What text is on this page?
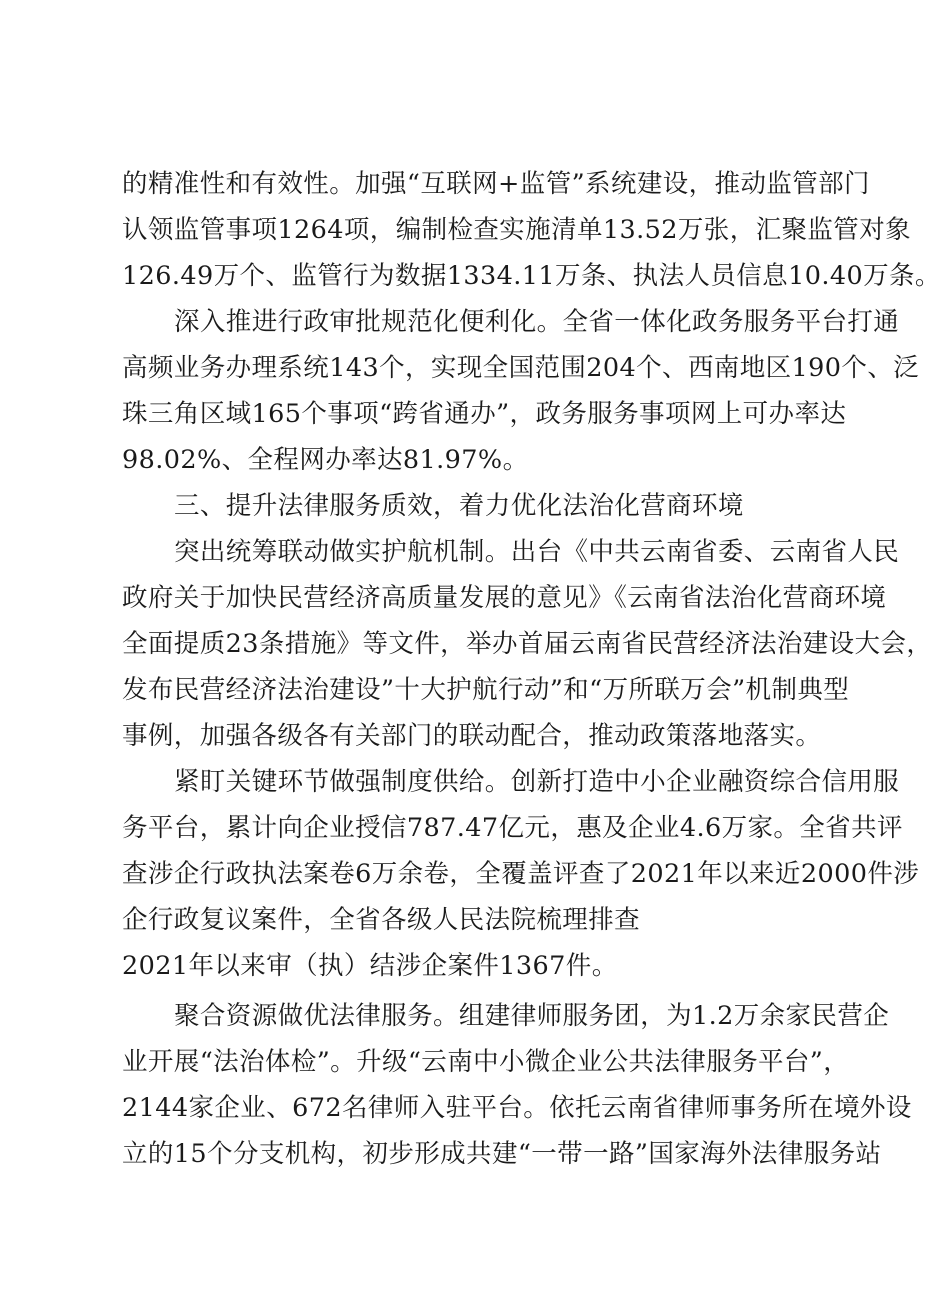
的精准性和有效性。加强“互联网+监管”系统建设，推动监管部门
认领监管事项1264项，编制检查实施清单13.52万张，汇聚监管对象
126.49万个、监管行为数据1334.11万条、执法人员信息10.40万条。
深入推进行政审批规范化便利化。全省一体化政务服务平台打通
高频业务办理系统143个，实现全国范围204个、西南地区190个、泛
珠三角区域165个事项“跨省通办”，政务服务事项网上可办率达
98.02%、全程网办率达81.97%。
三、提升法律服务质效，着力优化法治化营商环境
突出统筹联动做实护航机制。出台《中共云南省委、云南省人民
政府关于加快民营经济高质量发展的意见》《云南省法治化营商环境
全面提质23条措施》等文件，举办首届云南省民营经济法治建设大会，
发布民营经济法治建设”十大护航行动”和“万所联万会”机制典型
事例，加强各级各有关部门的联动配合，推动政策落地落实。
紧盯关键环节做强制度供给。创新打造中小企业融资综合信用服
务平台，累计向企业授信787.47亿元，惠及企业4.6万家。全省共评
查涉企行政执法案卷6万余卷，全覆盖评查了2021年以来近2000件涉
企行政复议案件，全省各级人民法院梳理排查
2021年以来审（执）结涉企案件1367件。
聚合资源做优法律服务。组建律师服务团，为1.2万余家民营企
业开展“法治体检”。升级“云南中小微企业公共法律服务平台”，
2144家企业、672名律师入驻平台。依托云南省律师事务所在境外设
立的15个分支机构，初步形成共建“一带一路”国家海外法律服务站
